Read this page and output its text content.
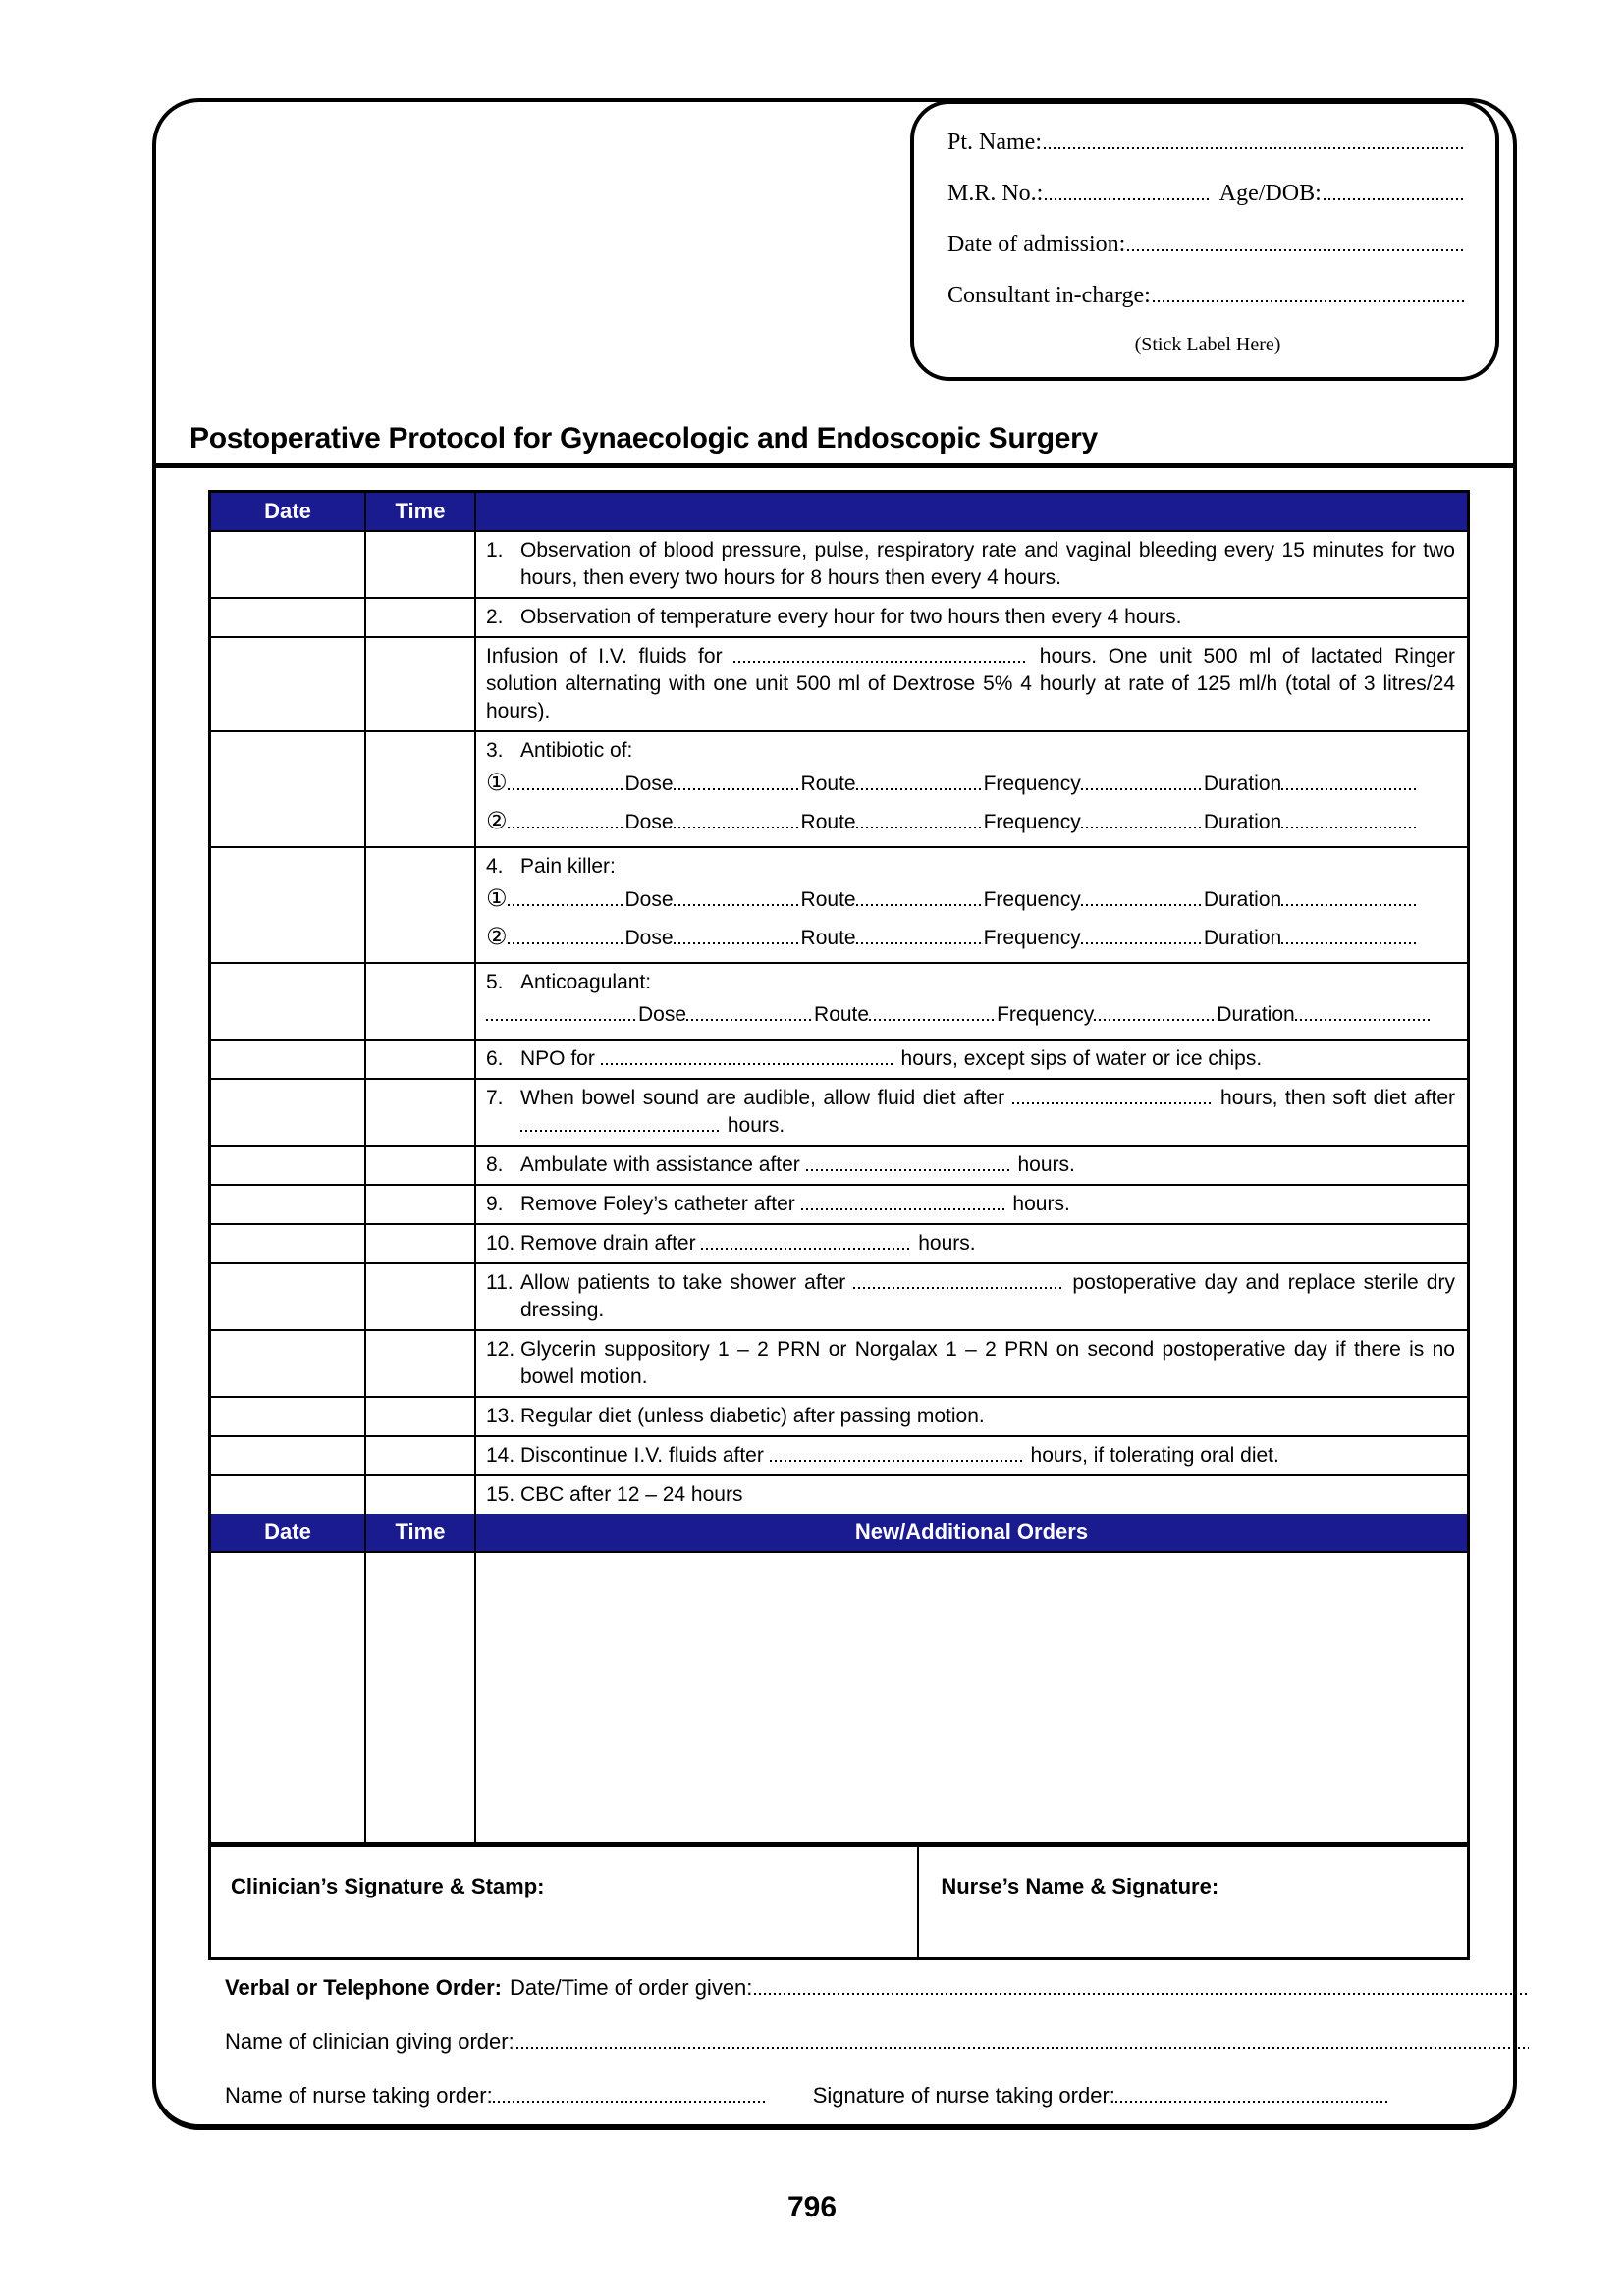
Pt. Name:
M.R. No.:	Age/DOB:
Date of admission:
Consultant in-charge:
(Stick Label Here)
Postoperative Protocol for Gynaecologic and Endoscopic Surgery
Date	Time
1. Observation of blood pressure, pulse, respiratory rate and vaginal bleeding every 15 minutes for two hours, then every two hours for 8 hours then every 4 hours.
2. Observation of temperature every hour for two hours then every 4 hours.
Infusion of I.V. fluids for	hours. One unit 500 ml of lactated Ringer solution alternating with one unit 500 ml of Dextrose 5% 4 hourly at rate of 125 ml/h (total of 3 litres/24 hours).
3. Antibiotic of:
①	Dose	Route	Frequency	Duration
②	Dose	Route	Frequency	Duration
4. Pain killer:
①	Dose	Route	Frequency	Duration
②	Dose	Route	Frequency	Duration
5. Anticoagulant:
Dose	Route	Frequency	Duration
6. NPO for	hours, except sips of water or ice chips.
7. When bowel sound are audible, allow fluid diet after	hours, then soft diet after  hours.
8. Ambulate with assistance after	hours.
9. Remove Foley’s catheter after	hours.
10. Remove drain after	hours.
11. Allow patients to take shower after	postoperative day and replace sterile dry dressing.
12. Glycerin suppository 1 – 2 PRN or Norgalax 1 – 2 PRN on second postoperative day if there is no bowel motion.
13. Regular diet (unless diabetic) after passing motion.
14. Discontinue I.V. fluids after	hours, if tolerating oral diet.
15. CBC after 12 – 24 hours
Date	Time	New/Additional Orders
Clinician’s Signature & Stamp:	Nurse’s Name & Signature:
Verbal or Telephone Order: Date/Time of order given:
Name of clinician giving order:
Name of nurse taking order:	Signature of nurse taking order:
796
